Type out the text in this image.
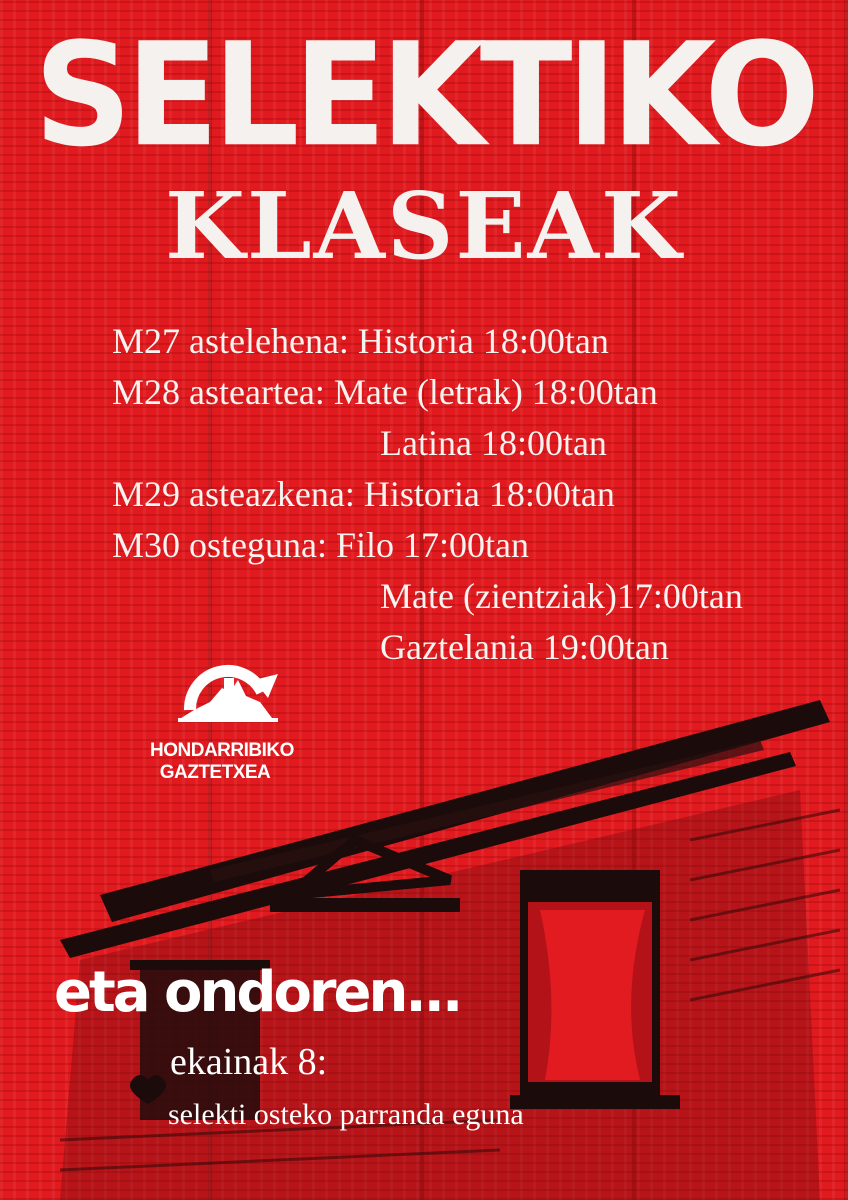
SELEKTIKO
KLASEAK
M27 astelehena: Historia 18:00tan
M28 asteartea: Mate (letrak) 18:00tan
Latina 18:00tan
M29 asteazkena: Historia 18:00tan
M30 osteguna: Filo 17:00tan
Mate (zientziak)17:00tan
Gaztelania 19:00tan
HONDARRIBIKO
GAZTETXEA
eta ondoren...
ekainak 8:
selekti osteko parranda eguna
